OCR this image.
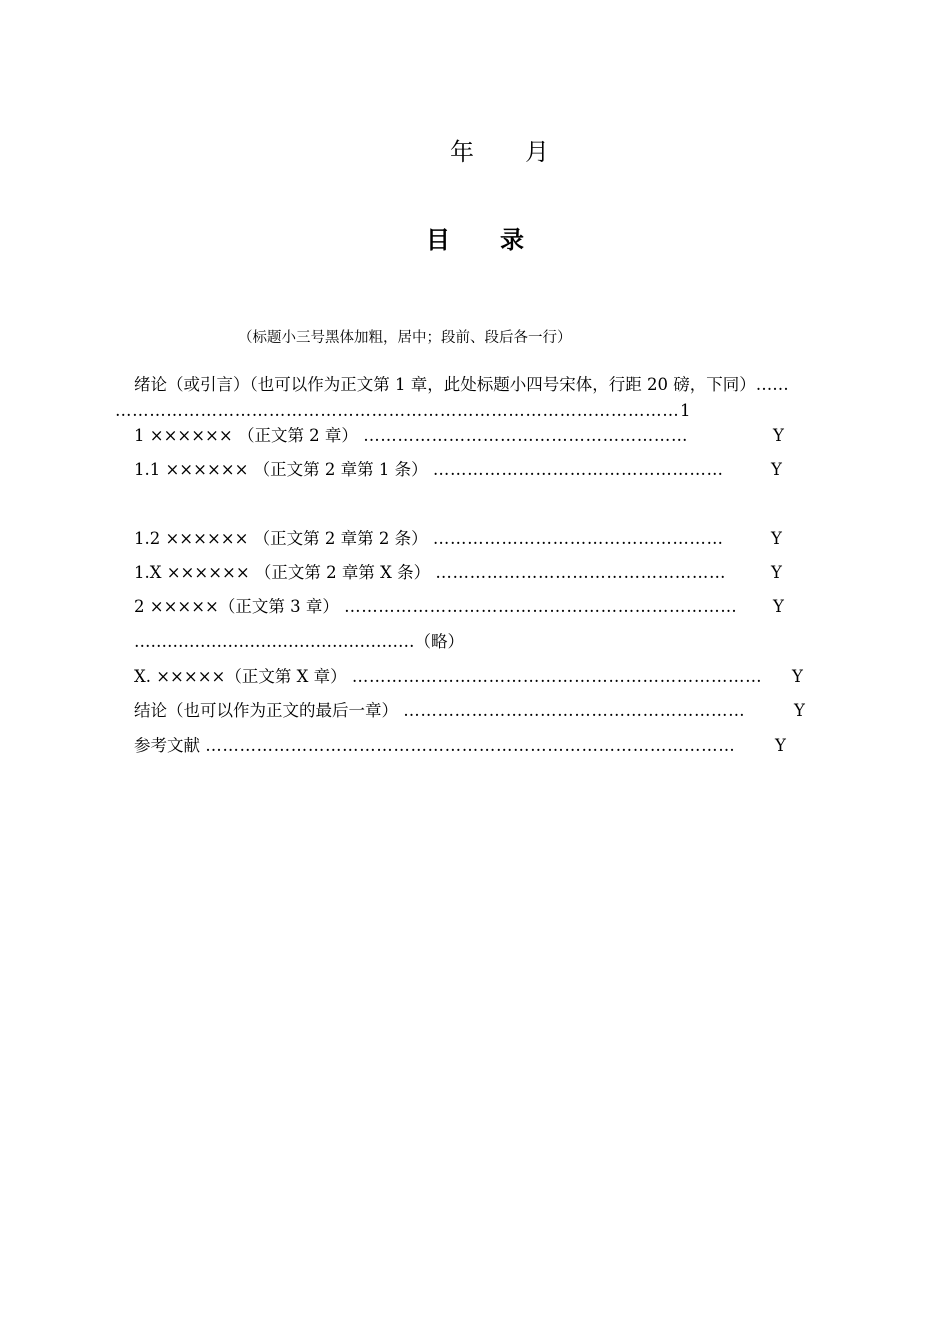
年 月
目 录
（标题小三号黑体加粗，居中；段前、段后各一行）
绪论（或引言）（也可以作为正文第 1 章，此处标题小四号宋体，行距 20 磅，下同）……
……………………………………………………………………………………… 1
1 ×××××× （正文第 2 章） …………………………………………………	Y
1.1 ×××××× （正文第 2 章第 1 条） ……………………………………………	Y
1.2 ×××××× （正文第 2 章第 2 条） ……………………………………………	Y
1.X ×××××× （正文第 2 章第 X 条） ……………………………………………	Y
2 ×××××（正文第 3 章） …………………………………………………………… Y
……………………………………………（略）
X. ×××××（正文第 X 章） ……………………………………………………………… Y
结论（也可以作为正文的最后一章） ……………………………………………………	Y
参考文献 ………………………………………………………………………………… Y
